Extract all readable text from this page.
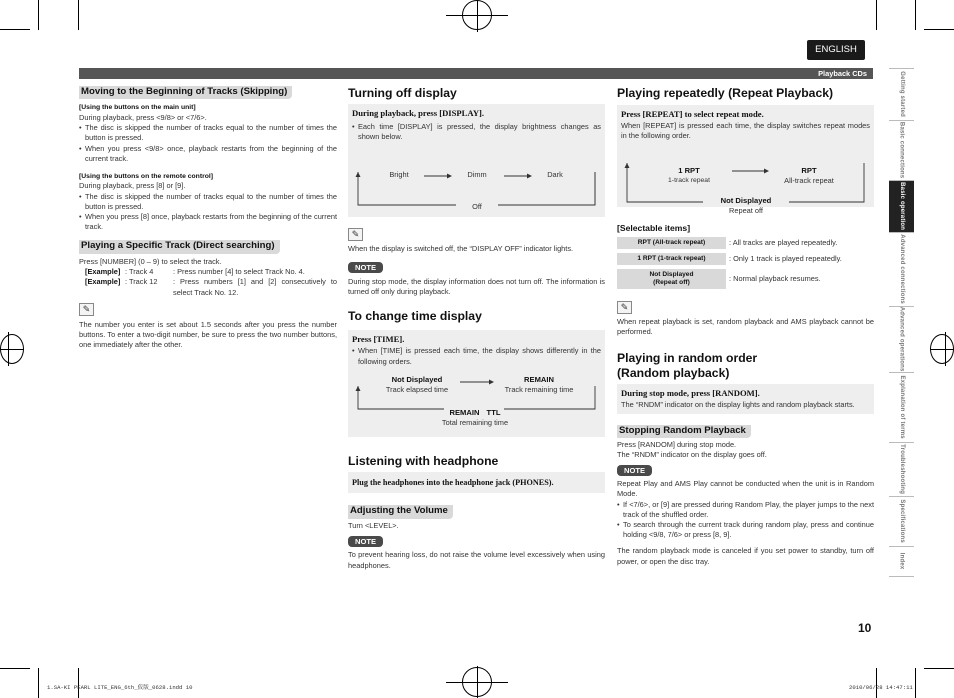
ENGLISH
Playback CDs	Getting started
Basic connections
Basic operation
Advanced connections
Advanced operations
Explanation of terms
Troubleshooting
Specifications
Index
Moving to the Beginning of Tracks (Skipping)
[Using the buttons on the main unit]
During playback, press <9/8> or <7/6>.
• The disc is skipped the number of tracks equal to the number of times the button is pressed.
• When you press <9/8> once, playback restarts from the beginning of the current track.
[Using the buttons on the remote control]
During playback, press [8] or [9].
• The disc is skipped the number of tracks equal to the number of times the button is pressed.
• When you press [8] once, playback restarts from the beginning of the current track.
Playing a Specific Track (Direct searching)
Press [NUMBER] (0 – 9) to select the track.
[Example] : Track 4	: Press number [4] to select Track No. 4.
[Example] : Track 12	: Press numbers [1] and [2] consecutively to select Track No. 12.
✎
The number you enter is set about 1.5 seconds after you press the number buttons. To enter a two-digit number, be sure to press the two number buttons, one immediately after the other.
Turning off display
During playback, press [DISPLAY].
• Each time [DISPLAY] is pressed, the display brightness changes as shown below.
Bright	Dimm	Dark
Off
✎
When the display is switched off, the “DISPLAY OFF” indicator lights.
NOTE
During stop mode, the display information does not turn off. The information is turned off only during playback.
To change time display
Press [TIME].
• When [TIME] is pressed each time, the display shows differently in the following orders.
Not Displayed
Track elapsed time
REMAIN
Track remaining time
REMAIN TTL
Total remaining time
Listening with headphone
Plug the headphones into the headphone jack (PHONES).
Adjusting the Volume
Turn <LEVEL>.
NOTE
To prevent hearing loss, do not raise the volume level excessively when using headphones.
Playing repeatedly (Repeat Playback)
Press [REPEAT] to select repeat mode.
When [REPEAT] is pressed each time, the display switches repeat modes in the following order.
1 RPT
1-track repeat
RPT
All-track repeat
Not Displayed
Repeat off
[Selectable items]
RPT (All-track repeat)	: All tracks are played repeatedly.
1 RPT (1-track repeat)	: Only 1 track is played repeatedly.
Not Displayed (Repeat off)	: Normal playback resumes.
✎
When repeat playback is set, random playback and AMS playback cannot be performed.
Playing in random order
(Random playback)
During stop mode, press [RANDOM].
The “RNDM” indicator on the display lights and random playback starts.
Stopping Random Playback
Press [RANDOM] during stop mode.
The “RNDM” indicator on the display goes off.
NOTE
Repeat Play and AMS Play cannot be conducted when the unit is in Random Mode.
• If <7/6>, or [9] are pressed during Random Play, the player jumps to the next track of the shuffled order.
• To search through the current track during random play, press and continue holding <9/8, 7/6> or press [8, 9].
The random playback mode is canceled if you set power to standby, turn off power, or open the disc tray.
10
1.SA-KI PEARL LITE_ENG_6th_仮版_0628.indd 10	2010/06/28 14:47:11
